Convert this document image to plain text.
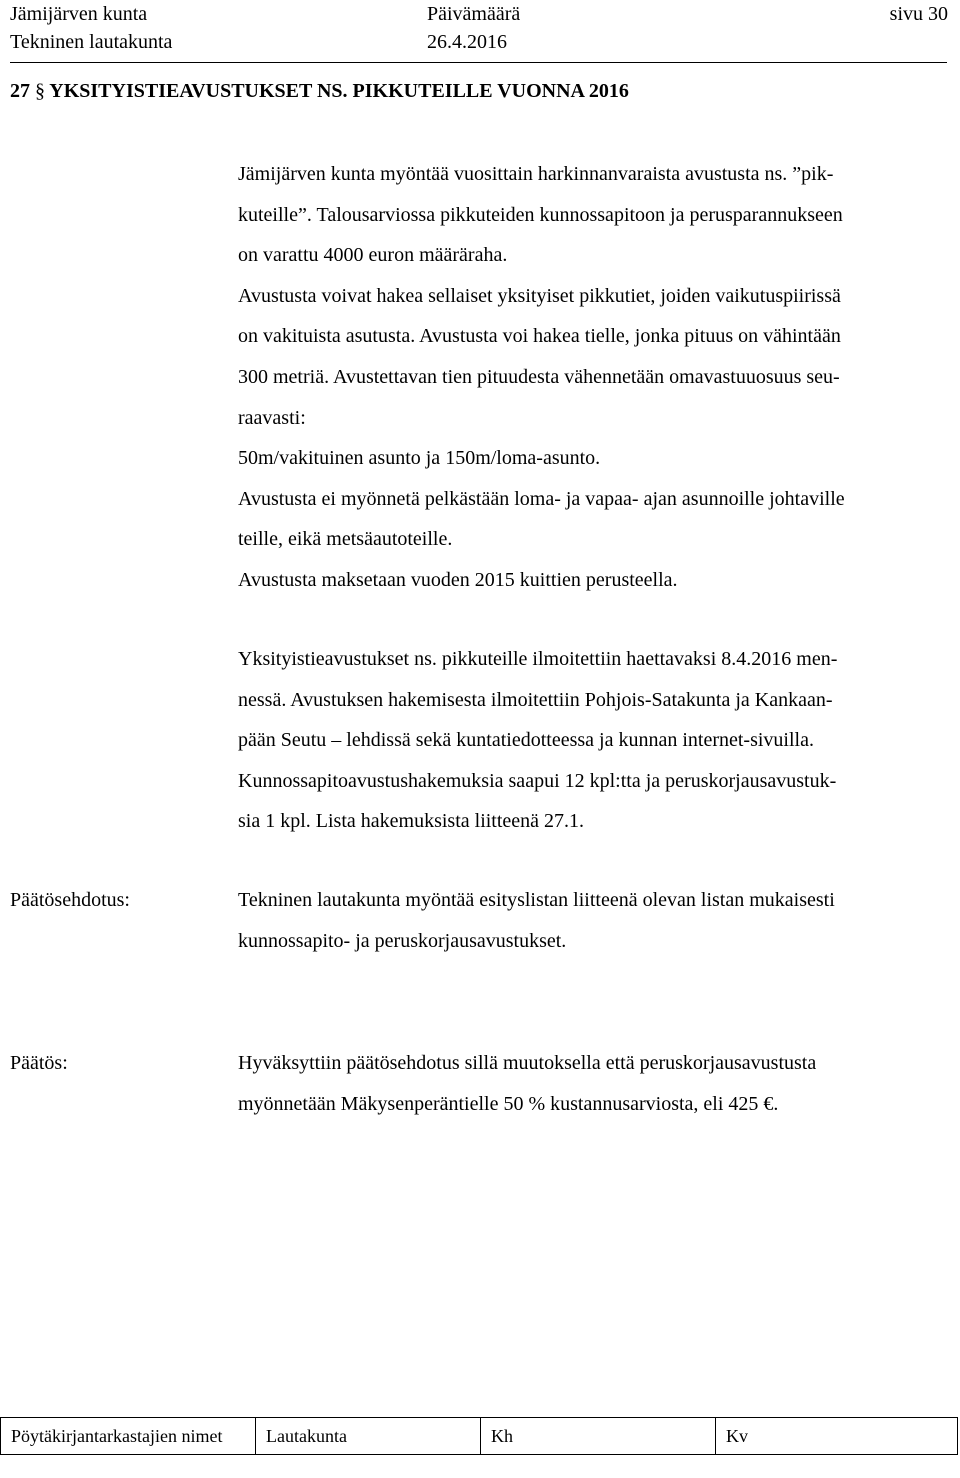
Jämijärven kunta
Tekninen lautakunta
Päivämäärä
26.4.2016
sivu 30
27 § YKSITYISTIEAVUSTUKSET NS. PIKKUTEILLE VUONNA 2016
Jämijärven kunta myöntää vuosittain harkinnanvaraista avustusta ns. ”pik-
kuteille”. Talousarviossa pikkuteiden kunnossapitoon ja perusparannukseen
on varattu 4000 euron määräraha.
Avustusta voivat hakea sellaiset yksityiset pikkutiet, joiden vaikutuspiirissä
on vakituista asutusta. Avustusta voi hakea tielle, jonka pituus on vähintään
300 metriä. Avustettavan tien pituudesta vähennetään omavastuuosuus seu-
raavasti:
50m/vakituinen asunto ja 150m/loma-asunto.
Avustusta ei myönnetä pelkästään loma- ja vapaa- ajan asunnoille johtaville
teille, eikä metsäautoteille.
Avustusta maksetaan vuoden 2015 kuittien perusteella.
Yksityistieavustukset ns. pikkuteille ilmoitettiin haettavaksi 8.4.2016 men-
nessä. Avustuksen hakemisesta ilmoitettiin Pohjois-Satakunta ja Kankaan-
pään Seutu – lehdissä sekä kuntatiedotteessa ja kunnan internet-sivuilla.
Kunnossapitoavustushakemuksia saapui 12 kpl:tta ja peruskorjausavustuk-
sia 1 kpl. Lista hakemuksista liitteenä 27.1.
Päätösehdotus:	Tekninen lautakunta myöntää esityslistan liitteenä olevan listan mukaisesti
kunnossapito- ja peruskorjausavustukset.
Päätös:	Hyväksyttiin päätösehdotus sillä muutoksella että peruskorjausavustusta
myönnetään Mäkysenperäntielle 50 % kustannusarviosta, eli 425 €.
Pöytäkirjantarkastajien nimet	Lautakunta	Kh	Kv
